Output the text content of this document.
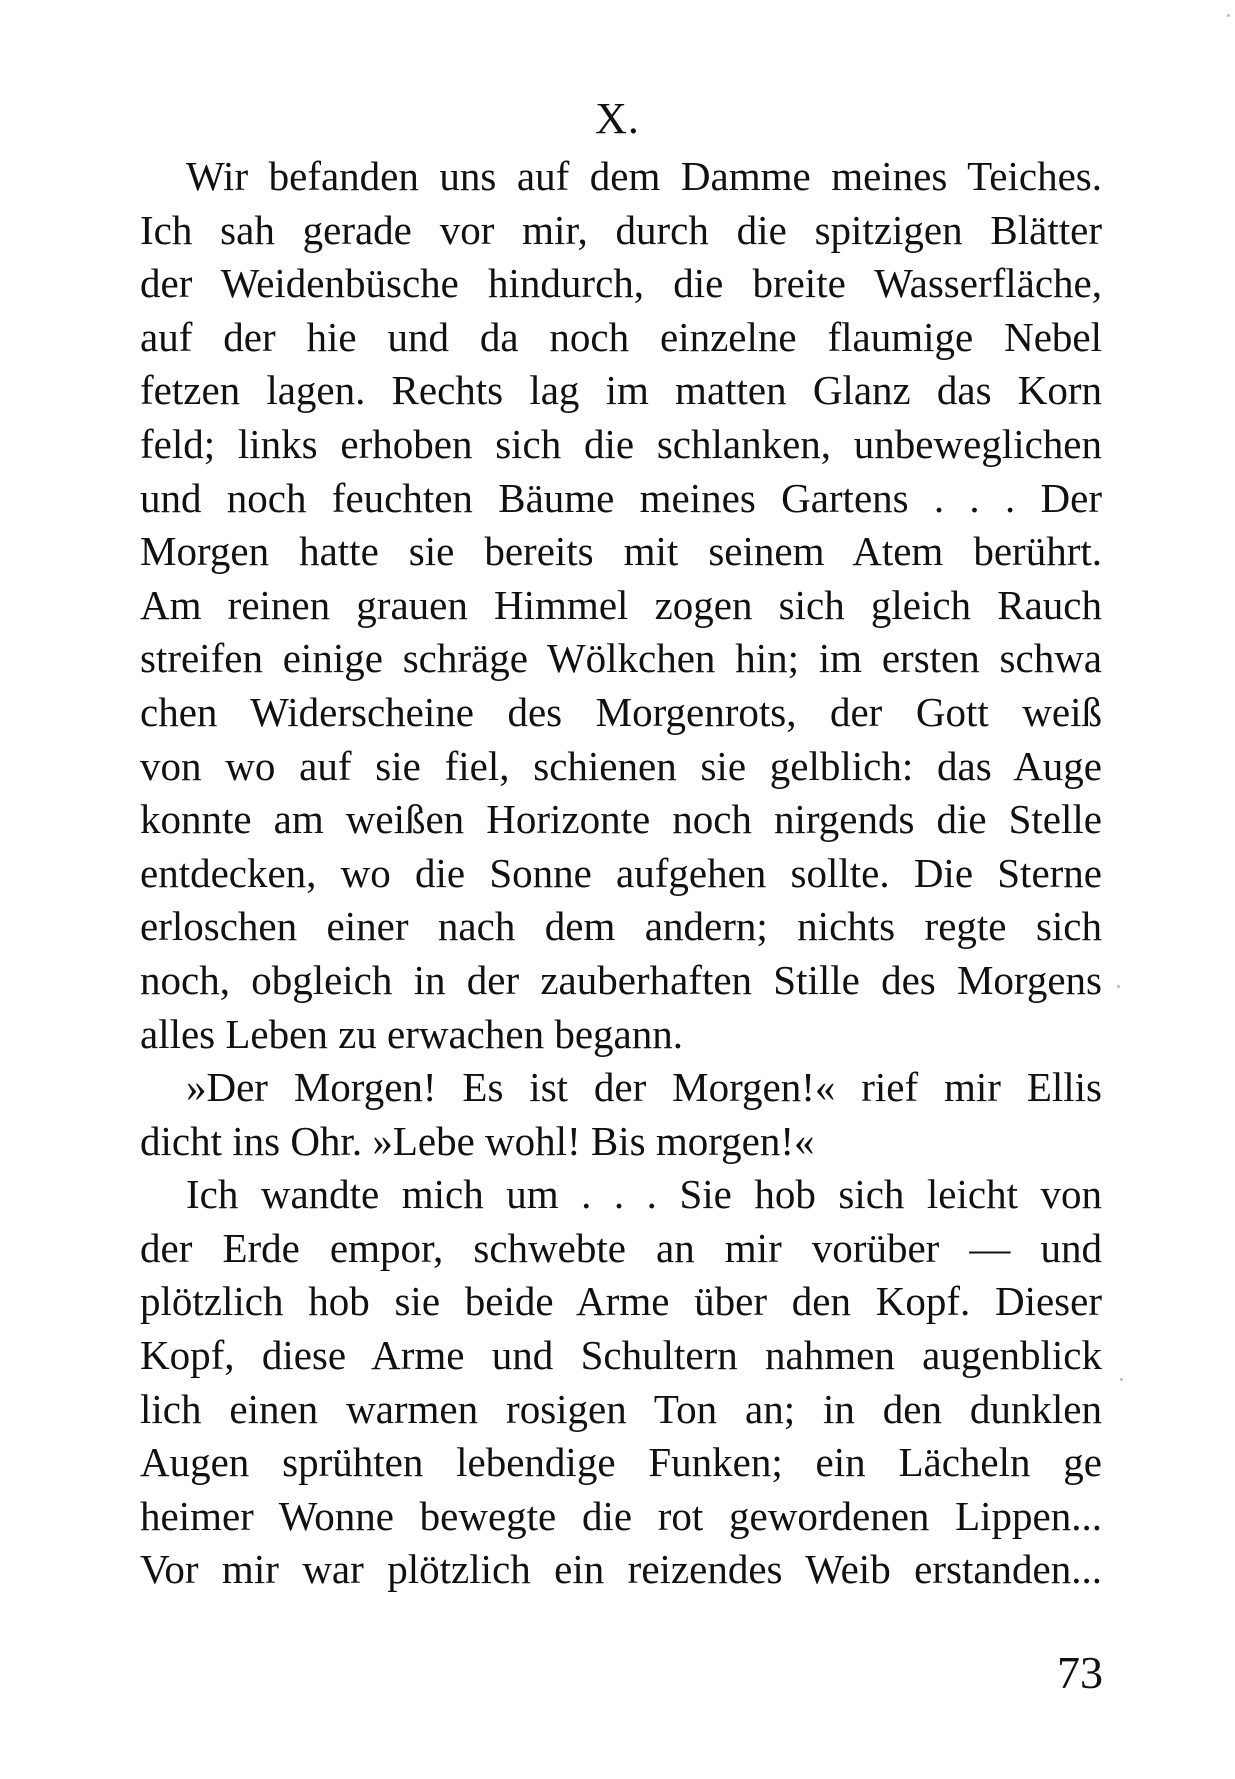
X.
Wir befanden uns auf dem Damme meines Teiches.
Ich sah gerade vor mir, durch die spitzigen Blätter
der Weidenbüsche hindurch, die breite Wasserfläche,
auf der hie und da noch einzelne flaumige Nebel
fetzen lagen. Rechts lag im matten Glanz das Korn
feld; links erhoben sich die schlanken, unbeweglichen
und noch feuchten Bäume meines Gartens . . . Der
Morgen hatte sie bereits mit seinem Atem berührt.
Am reinen grauen Himmel zogen sich gleich Rauch
streifen einige schräge Wölkchen hin; im ersten schwa
chen Widerscheine des Morgenrots, der Gott weiß
von wo auf sie fiel, schienen sie gelblich: das Auge
konnte am weißen Horizonte noch nirgends die Stelle
entdecken, wo die Sonne aufgehen sollte. Die Sterne
erloschen einer nach dem andern; nichts regte sich
noch, obgleich in der zauberhaften Stille des Morgens
alles Leben zu erwachen begann.
»Der Morgen! Es ist der Morgen!« rief mir Ellis
dicht ins Ohr. »Lebe wohl! Bis morgen!«
Ich wandte mich um . . . Sie hob sich leicht von
der Erde empor, schwebte an mir vorüber — und
plötzlich hob sie beide Arme über den Kopf. Dieser
Kopf, diese Arme und Schultern nahmen augenblick
lich einen warmen rosigen Ton an; in den dunklen
Augen sprühten lebendige Funken; ein Lächeln ge
heimer Wonne bewegte die rot gewordenen Lippen...
Vor mir war plötzlich ein reizendes Weib erstanden...
73
